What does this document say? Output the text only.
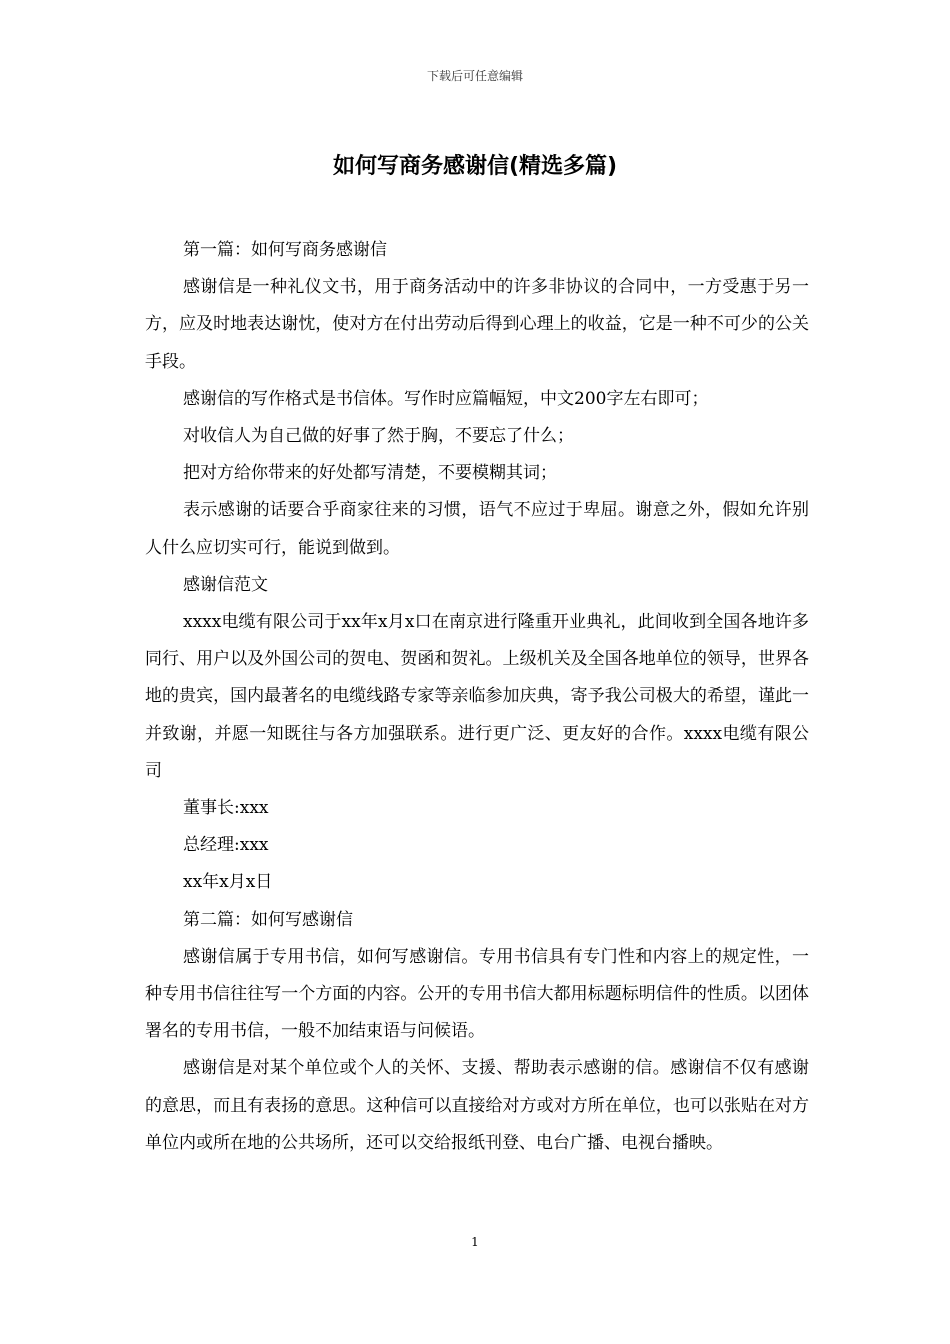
下载后可任意编辑
如何写商务感谢信(精选多篇)

第一篇：如何写商务感谢信

感谢信是一种礼仪文书，用于商务活动中的许多非协议的合同中，一方受惠于另一方，应及时地表达谢忱，使对方在付出劳动后得到心理上的收益，它是一种不可少的公关手段。

感谢信的写作格式是书信体。写作时应篇幅短，中文200字左右即可；

对收信人为自己做的好事了然于胸，不要忘了什么；

把对方给你带来的好处都写清楚，不要模糊其词；

表示感谢的话要合乎商家往来的习惯，语气不应过于卑屈。谢意之外，假如允许别人什么应切实可行，能说到做到。

感谢信范文

xxxx电缆有限公司于xx年x月x口在南京进行隆重开业典礼，此间收到全国各地许多同行、用户以及外国公司的贺电、贺函和贺礼。上级机关及全国各地单位的领导，世界各地的贵宾，国内最著名的电缆线路专家等亲临参加庆典，寄予我公司极大的希望，谨此一并致谢，并愿一知既往与各方加强联系。进行更广泛、更友好的合作。xxxx电缆有限公司

董事长:xxx

总经理:xxx

xx年x月x日

第二篇：如何写感谢信

感谢信属于专用书信，如何写感谢信。专用书信具有专门性和内容上的规定性，一种专用书信往往写一个方面的内容。公开的专用书信大都用标题标明信件的性质。以团体署名的专用书信，一般不加结束语与问候语。

感谢信是对某个单位或个人的关怀、支援、帮助表示感谢的信。感谢信不仅有感谢的意思，而且有表扬的意思。这种信可以直接给对方或对方所在单位，也可以张贴在对方单位内或所在地的公共场所，还可以交给报纸刊登、电台广播、电视台播映。

1
